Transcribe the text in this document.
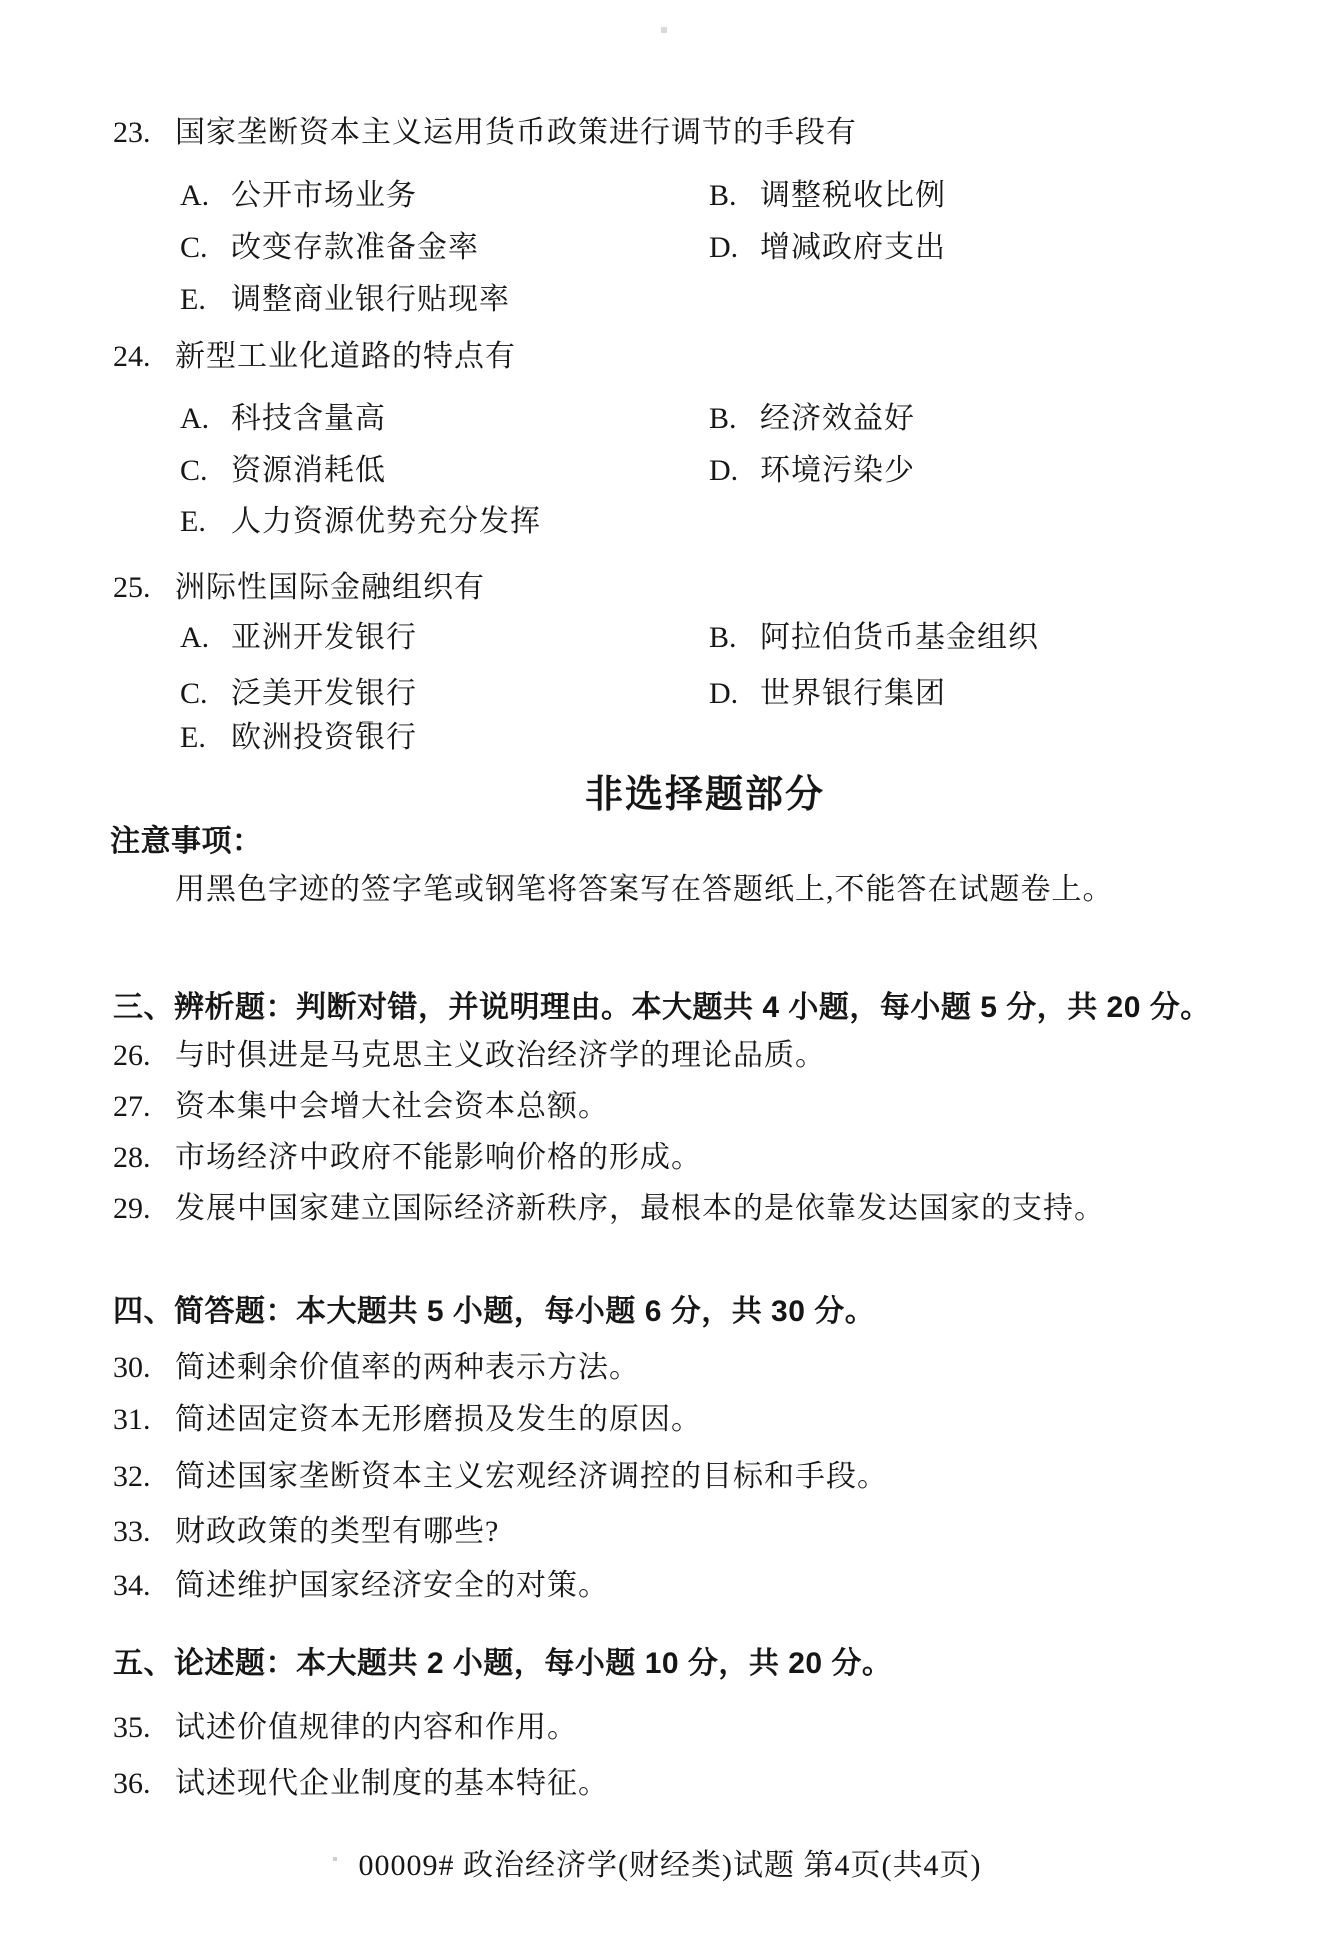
23. 国家垄断资本主义运用货币政策进行调节的手段有
A. 公开市场业务	B. 调整税收比例
C. 改变存款准备金率	D. 增减政府支出
E. 调整商业银行贴现率
24. 新型工业化道路的特点有
A. 科技含量高	B. 经济效益好
C. 资源消耗低	D. 环境污染少
E. 人力资源优势充分发挥
25. 洲际性国际金融组织有
A. 亚洲开发银行	B. 阿拉伯货币基金组织
C. 泛美开发银行	D. 世界银行集团
E. 欧洲投资银行
非选择题部分
注意事项：
用黑色字迹的签字笔或钢笔将答案写在答题纸上,不能答在试题卷上。
三、辨析题：判断对错，并说明理由。本大题共 4 小题，每小题 5 分，共 20 分。
26. 与时俱进是马克思主义政治经济学的理论品质。
27. 资本集中会增大社会资本总额。
28. 市场经济中政府不能影响价格的形成。
29. 发展中国家建立国际经济新秩序，最根本的是依靠发达国家的支持。
四、简答题：本大题共 5 小题，每小题 6 分，共 30 分。
30. 简述剩余价值率的两种表示方法。
31. 简述固定资本无形磨损及发生的原因。
32. 简述国家垄断资本主义宏观经济调控的目标和手段。
33. 财政政策的类型有哪些?
34. 简述维护国家经济安全的对策。
五、论述题：本大题共 2 小题，每小题 10 分，共 20 分。
35. 试述价值规律的内容和作用。
36. 试述现代企业制度的基本特征。
00009# 政治经济学(财经类)试题 第4页(共4页)
